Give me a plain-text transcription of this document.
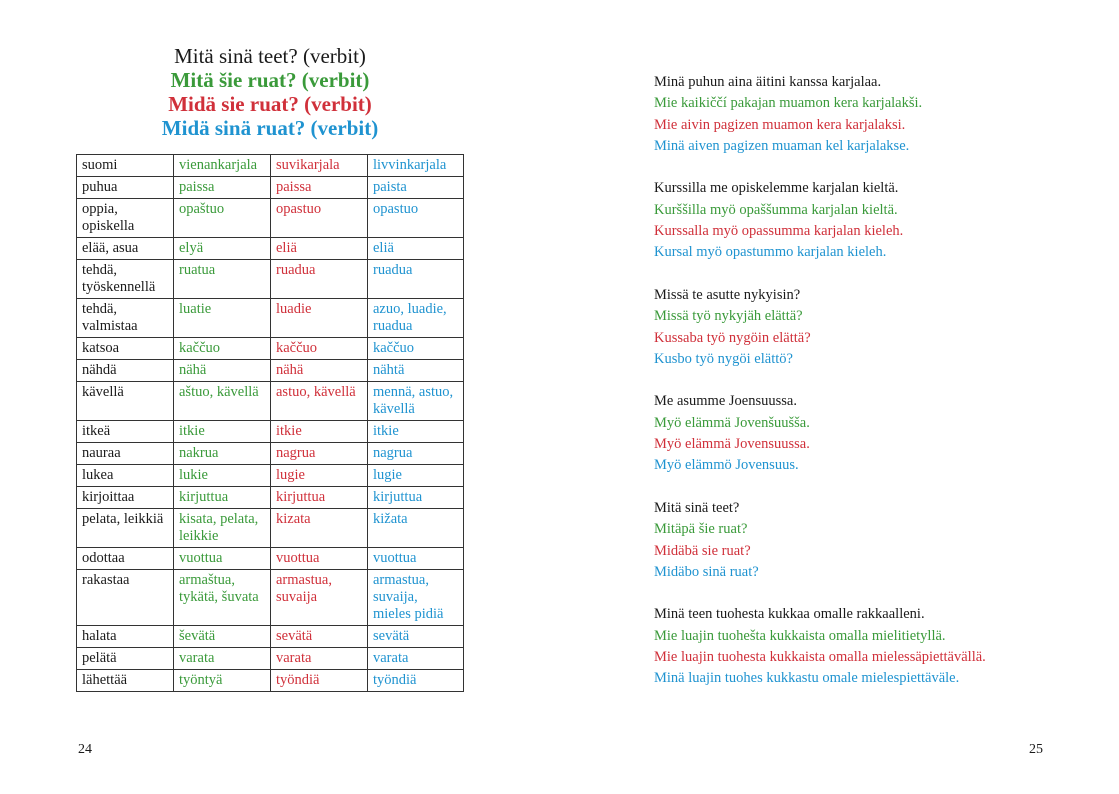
Mitä sinä teet? (verbit)
Mitä šie ruat? (verbit)
Midä sie ruat? (verbit)
Midä sinä ruat? (verbit)
suomi	vienankarjala	suvikarjala	livvinkarjala
puhua	paissa	paissa	paista
oppia, opiskella	opaštuo	opastuo	opastuo
elää, asua	elyä	eliä	eliä
tehdä, työskennellä	ruatua	ruadua	ruadua
tehdä, valmistaa	luatie	luadie	azuo, luadie, ruadua
katsoa	kaččuo	kaččuo	kaččuo
nähdä	nähä	nähä	nähtä
kävellä	aštuo, kävellä	astuo, kävellä	mennä, astuo, kävellä
itkeä	itkie	itkie	itkie
nauraa	nakrua	nagrua	nagrua
lukea	lukie	lugie	lugie
kirjoittaa	kirjuttua	kirjuttua	kirjuttua
pelata, leikkiä	kisata, pelata, leikkie	kizata	kižata
odottaa	vuottua	vuottua	vuottua
rakastaa	armaštua, tykätä, šuvata	armastua, suvaija	armastua, suvaija, mieles pidiä
halata	ševätä	sevätä	sevätä
pelätä	varata	varata	varata
lähettää	työntyä	työndiä	työndiä
24
Minä puhun aina äitini kanssa karjalaa.
Mie kaikiččí pakajan muamon kera karjalakši.
Mie aivin pagizen muamon kera karjalaksi.
Minä aiven pagizen muaman kel karjalakse.
Kurssilla me opiskelemme karjalan kieltä.
Kurššilla myö opaššumma karjalan kieltä.
Kurssalla myö opassumma karjalan kieleh.
Kursal myö opastummo karjalan kieleh.
Missä te asutte nykyisin?
Missä työ nykyjäh elättä?
Kussaba työ nygöin elättä?
Kusbo työ nygöi elättö?
Me asumme Joensuussa.
Myö elämmä Jovenšuušša.
Myö elämmä Jovensuussa.
Myö elämmö Jovensuus.
Mitä sinä teet?
Mitäpä šie ruat?
Midäbä sie ruat?
Midäbo sinä ruat?
Minä teen tuohesta kukkaa omalle rakkaalleni.
Mie luajin tuohešta kukkaista omalla mielitietyllä.
Mie luajin tuohesta kukkaista omalla mielessäpiettävällä.
Minä luajin tuohes kukkastu omale mielespiettäväle.
25
